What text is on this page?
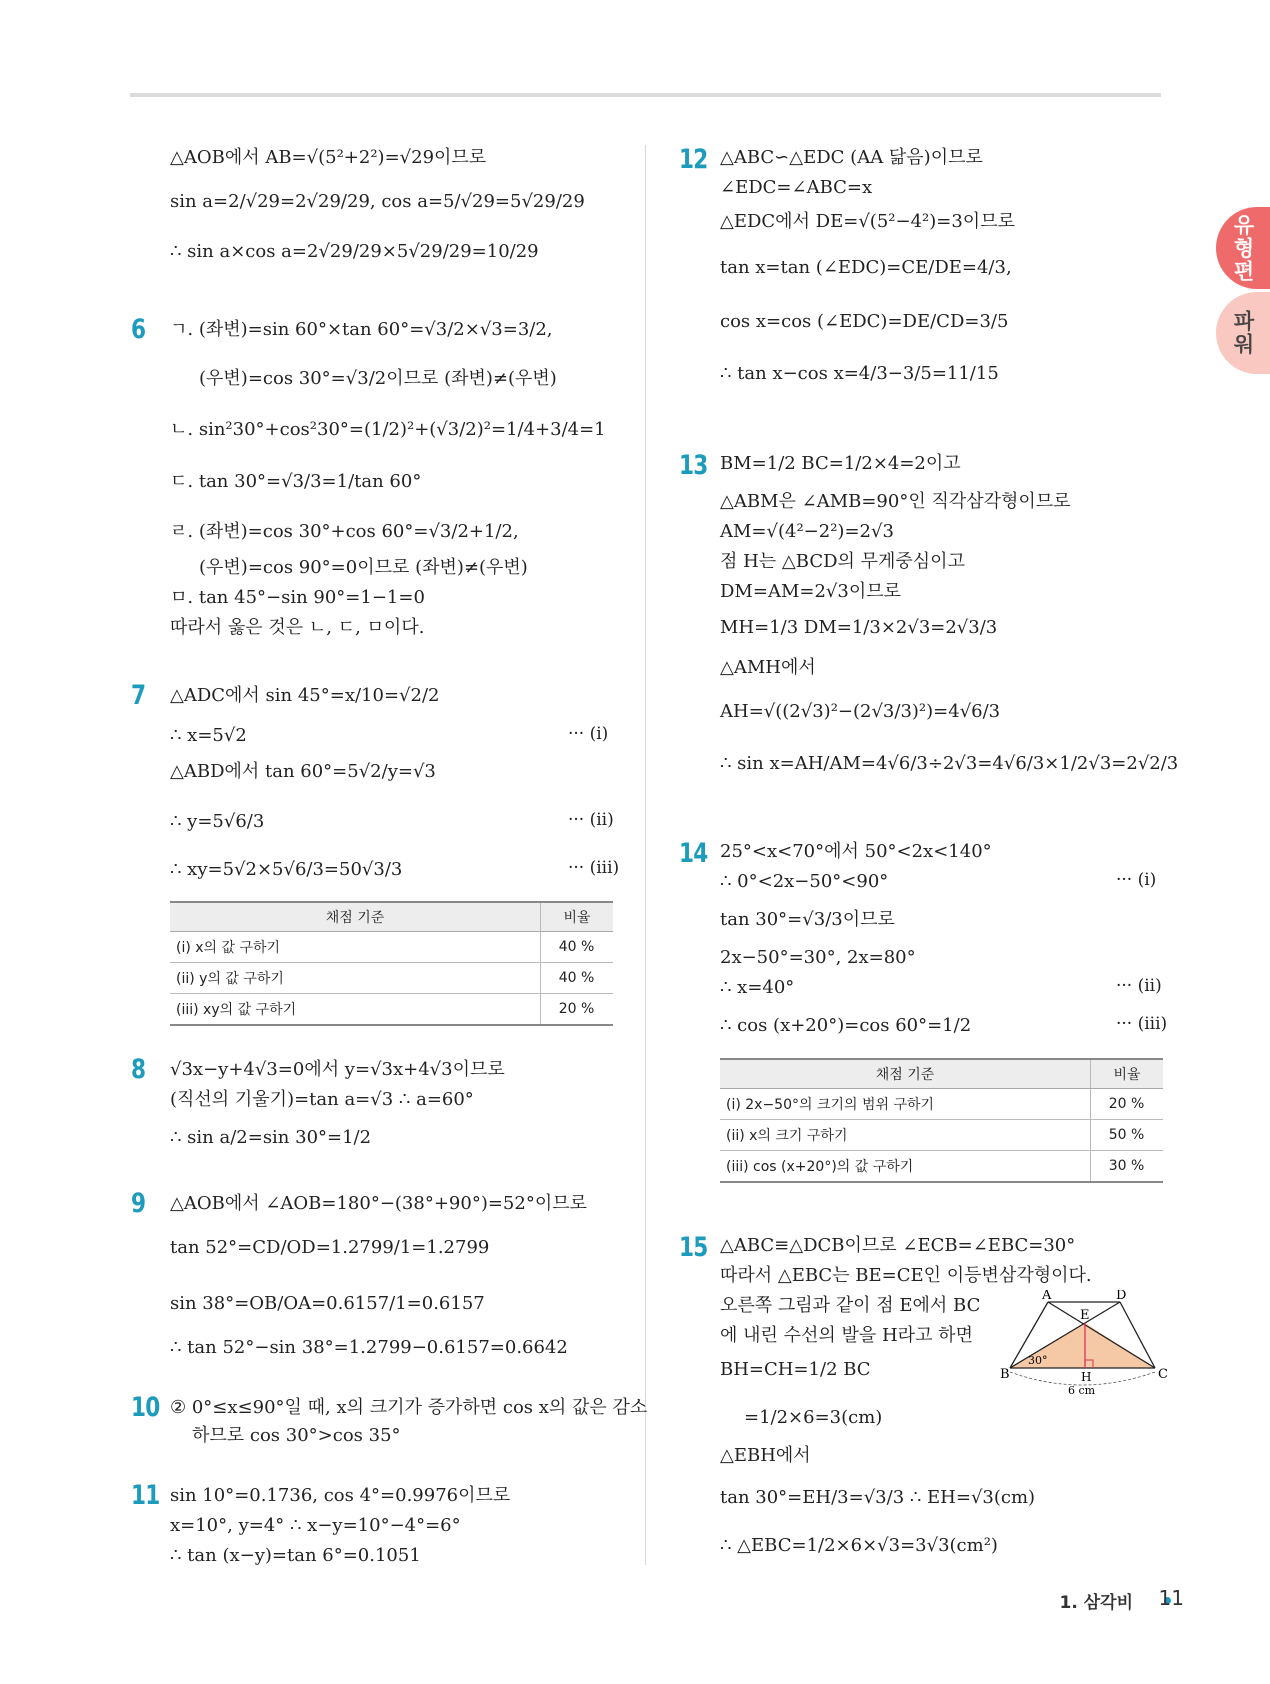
유형편
파워
△AOB에서 AB=√(5²+2²)=√29이므로
sin a=2/√29=2√29/29, cos a=5/√29=5√29/29
∴ sin a×cos a=2√29/29×5√29/29=10/29
6 ㄱ. (좌변)=sin 60°×tan 60°=√3/2×√3=3/2,
(우변)=cos 30°=√3/2이므로 (좌변)≠(우변)
ㄴ. sin²30°+cos²30°=(1/2)²+(√3/2)²=1/4+3/4=1
ㄷ. tan 30°=√3/3=1/tan 60°
ㄹ. (좌변)=cos 30°+cos 60°=√3/2+1/2,
(우변)=cos 90°=0이므로 (좌변)≠(우변)
ㅁ. tan 45°−sin 90°=1−1=0
따라서 옳은 것은 ㄴ, ㄷ, ㅁ이다.
7 △ADC에서 sin 45°=x/10=√2/2
∴ x=5√2	··· (i)
△ABD에서 tan 60°=5√2/y=√3
∴ y=5√6/3	··· (ii)
∴ xy=5√2×5√6/3=50√3/3	··· (iii)
채점 기준	비율
(i) x의 값 구하기	40 %
(ii) y의 값 구하기	40 %
(iii) xy의 값 구하기	20 %
8 √3x−y+4√3=0에서 y=√3x+4√3이므로
(직선의 기울기)=tan a=√3 ∴ a=60°
∴ sin a/2=sin 30°=1/2
9 △AOB에서 ∠AOB=180°−(38°+90°)=52°이므로
tan 52°=CD/OD=1.2799/1=1.2799
sin 38°=OB/OA=0.6157/1=0.6157
∴ tan 52°−sin 38°=1.2799−0.6157=0.6642
10 ② 0°≤x≤90°일 때, x의 크기가 증가하면 cos x의 값은 감소
하므로 cos 30°>cos 35°
11 sin 10°=0.1736, cos 4°=0.9976이므로
x=10°, y=4° ∴ x−y=10°−4°=6°
∴ tan (x−y)=tan 6°=0.1051
12 △ABC∽△EDC (AA 닮음)이므로
∠EDC=∠ABC=x
△EDC에서 DE=√(5²−4²)=3이므로
tan x=tan (∠EDC)=CE/DE=4/3,
cos x=cos (∠EDC)=DE/CD=3/5
∴ tan x−cos x=4/3−3/5=11/15
13 BM=1/2 BC=1/2×4=2이고
△ABM은 ∠AMB=90°인 직각삼각형이므로
AM=√(4²−2²)=2√3
점 H는 △BCD의 무게중심이고
DM=AM=2√3이므로
MH=1/3 DM=1/3×2√3=2√3/3
△AMH에서
AH=√((2√3)²−(2√3/3)²)=4√6/3
∴ sin x=AH/AM=4√6/3÷2√3=4√6/3×1/2√3=2√2/3
14 25°<x<70°에서 50°<2x<140°
∴ 0°<2x−50°<90°	··· (i)
tan 30°=√3/3이므로
2x−50°=30°, 2x=80°
∴ x=40°	··· (ii)
∴ cos (x+20°)=cos 60°=1/2	··· (iii)
채점 기준	비율
(i) 2x−50°의 크기의 범위 구하기	20 %
(ii) x의 크기 구하기	50 %
(iii) cos (x+20°)의 값 구하기	30 %
15 △ABC≡△DCB이므로 ∠ECB=∠EBC=30°
따라서 △EBC는 BE=CE인 이등변삼각형이다.
오른쪽 그림과 같이 점 E에서 BC
에 내린 수선의 발을 H라고 하면
BH=CH=1/2 BC
=1/2×6=3(cm)
△EBH에서
tan 30°=EH/3=√3/3 ∴ EH=√3(cm)
∴ △EBC=1/2×6×√3=3√3(cm²)
A	D
E
B	C
H
30°
6 cm
1. 삼각비 11
